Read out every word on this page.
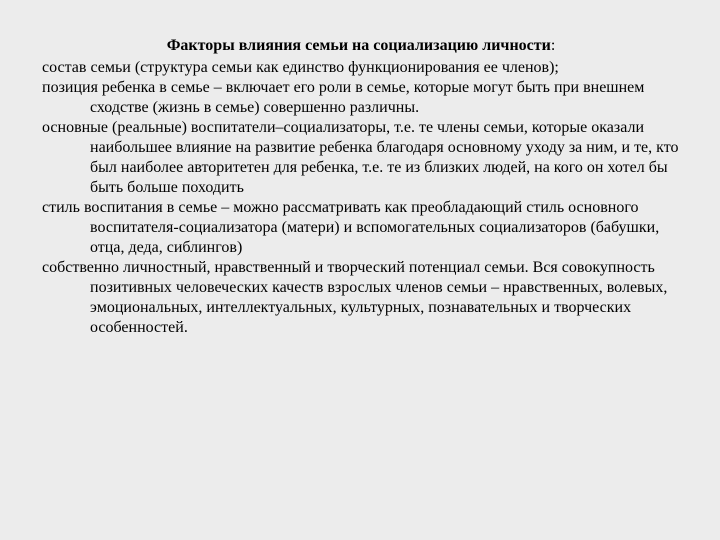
Факторы влияния семьи на социализацию личности:

состав семьи (структура семьи как единство функционирования ее членов);

позиция ребенка в семье – включает его роли в семье, которые могут быть при внешнем сходстве (жизнь в семье) совершенно различны.

основные (реальные) воспитатели–социализаторы, т.е. те члены семьи, которые оказали наибольшее влияние на развитие ребенка благодаря основному уходу за ним, и те, кто был наиболее авторитетен для ребенка, т.е. те из близких людей, на кого он хотел бы быть больше походить

стиль воспитания в семье – можно рассматривать как преобладающий стиль основного воспитателя-социализатора (матери) и вспомогательных социализаторов (бабушки, отца, деда, сиблингов)

собственно личностный, нравственный и творческий потенциал семьи. Вся совокупность позитивных человеческих качеств взрослых членов семьи – нравственных, волевых, эмоциональных, интеллектуальных, культурных, познавательных и творческих особенностей.
